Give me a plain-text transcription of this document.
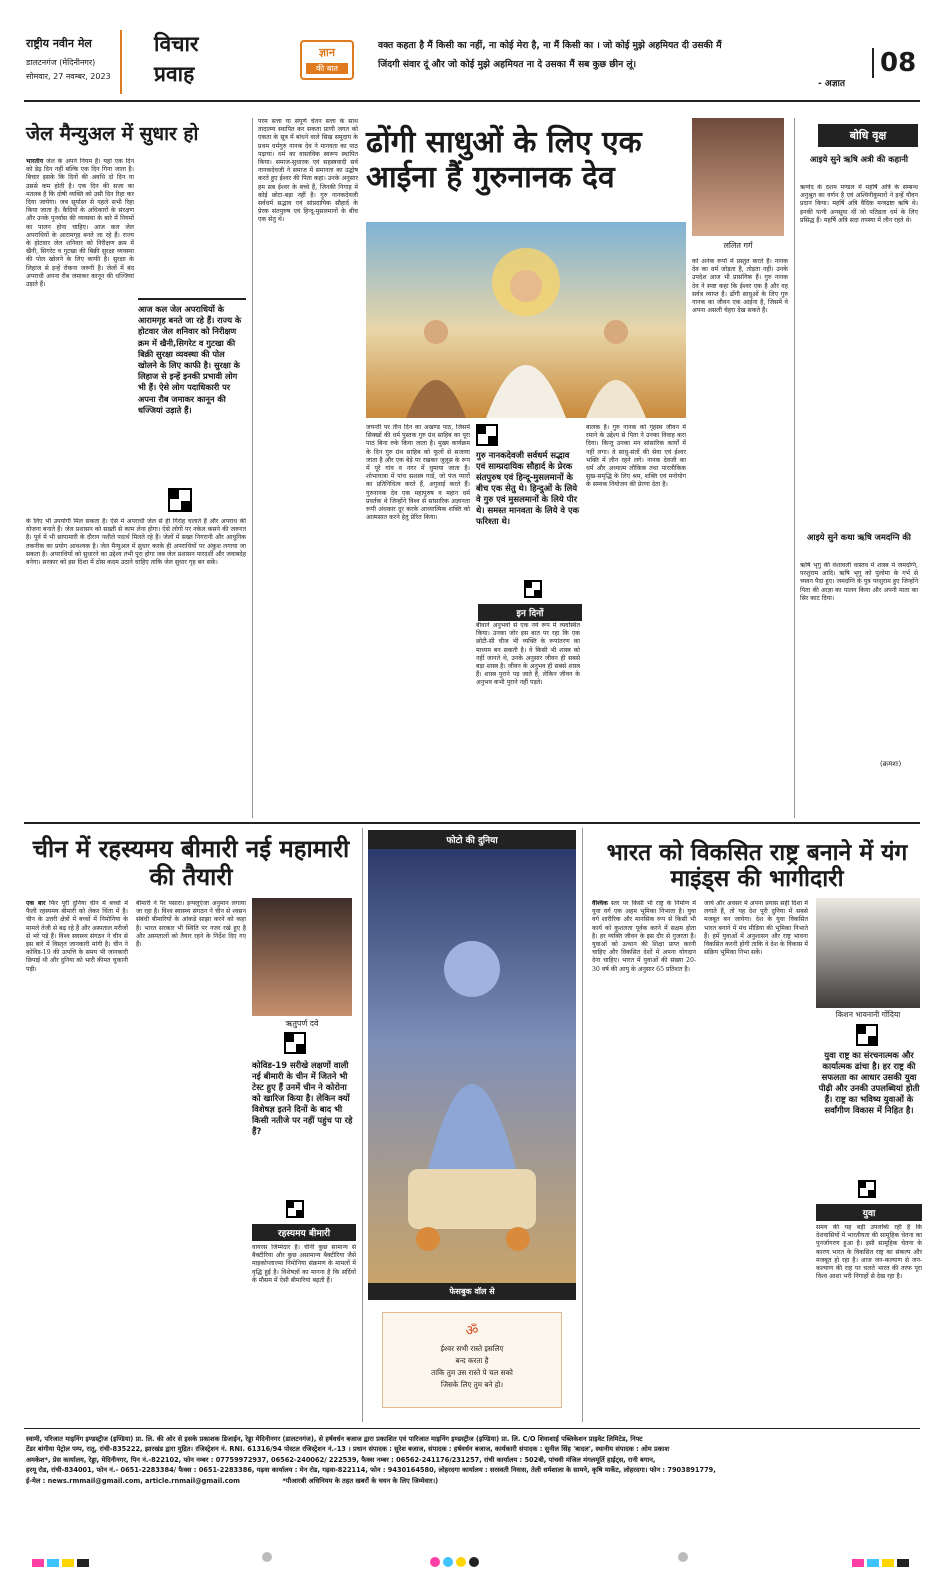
राष्ट्रीय नवीन मेल
डालटनगंज (मेदिनीनगर)
सोमवार, 27 नवम्बर, 2023
विचार
प्रवाह
ज्ञान
की बात
वक्त कहता है मैं किसी का नहीं, ना कोई मेरा है, ना मैं किसी का । जो कोई मुझे अहमियत दी उसकी मैं
जिंदगी संवार दूं और जो कोई मुझे अहमियत ना दे उसका मैं सब कुछ छीन लूं।
- अज्ञात
08
जेल मैन्युअल में सुधार हो
भारतीय जेल के अपने नियम हैं। यहां एक दिन को डेढ़ दिन नहीं बल्कि एक दिन गिना जाता है। बिचार इसके कि दिनों की अवधि दो दिन या उससे कम होती है। एक दिन की सजा का मतलब है कि दोषी व्यक्ति को उसी दिन रिहा कर दिया जायेगा। जब सूर्यास्त से पहले सभी रिहा किया जाता है। कैदियों के अधिकारों के संरक्षण और उनके पुनर्वास की व्यवस्था के बारे में नियमों का पालन होना चाहिए। आज कल जेल अपराधियों के आरामगृह बनते जा रहे हैं। राज्य के होटवार जेल शनिवार को निरीक्षण क्रम में खैनी, सिगरेट व गुटखा की बिक्री सुरक्षा व्यवस्था की पोल खोलने के लिए काफी है। सुरक्षा के लिहाज से इन्हें रोकना जरूरी है। जेलों में बंद अपराधी अपना रौब जमाकर कानून की धज्जियां उड़ाते हैं।
आज कल जेल अपराधियों के आरामगृह बनते जा रहे हैं। राज्य के होटवार जेल शनिवार को निरीक्षण क्रम में खैनी,सिगरेट व गुटखा की बिक्री सुरक्षा व्यवस्था की पोल खोलने के लिए काफी है। सुरक्षा के लिहाज से इन्हें इनकी प्रभावी लोग भी हैं। ऐसे लोग पदाधिकारी पर अपना रौब जमाकर कानून की धज्जियां उड़ाते हैं।
के लिए भी उपयोगी मिल सकता है। ऐसे में अपराधी जेल से ही गिरोह चलाते हैं और अपराध की योजना बनाते हैं। जेल प्रशासन को सख्ती से काम लेना होगा। ऐसे लोगों पर नकेल कसने की जरूरत है। पूर्व में भी छापामारी के दौरान नशीले पदार्थ मिलते रहे हैं। जेलों में सख्त निगरानी और आधुनिक तकनीक का प्रयोग आवश्यक है। जेल मैन्युअल में सुधार करके ही अपराधियों पर अंकुश लगाया जा सकता है। अपराधियों को सुधारने का उद्देश्य तभी पूरा होगा जब जेल प्रशासन पारदर्शी और जवाबदेह बनेगा। सरकार को इस दिशा में ठोस कदम उठाने चाहिए ताकि जेल सुधार गृह बन सकें।
परम सत्ता या संपूर्ण चेतन सत्ता के साथ तादात्म्य स्थापित कर सकता प्राणी जगत को एकता के सूत्र में बांधने वाले सिख समुदाय के प्रथम धर्मगुरु नानक देव ने मानवता का पाठ पढ़ाया। धर्म का वास्तविक स्वरूप स्थापित किया। समाज-सुधारक एवं सहस्त्रवादी सर्व नानकदेवजी ने समाज में समानता का उद्घोष करते हुए ईश्वर की पिता कहा। उनके अनुसार हम सब ईश्वर के बच्चे हैं, जिनकी निगाह में कोई छोटा-बड़ा नहीं है। गुरु नानकदेवजी सर्वधर्म सद्भाव एवं सांप्रदायिक सौहार्द के प्रेरक संतपुरुष एवं हिन्दू-मुसलमानों के बीच एक सेतु थे।
ढोंगी साधुओं के लिए एक आईना हैं गुरुनानक देव
ललित गर्ग
को अनेक रूपों में प्रस्तुत करते हैं। नानक देव का धर्म जोड़ता है, तोड़ता नहीं। उनके उपदेश आज भी प्रासंगिक हैं। गुरु नानक देव ने स्पष्ट कहा कि ईश्वर एक है और वह सर्वत्र व्याप्त है। ढोंगी साधुओं के लिए गुरु नानक का जीवन एक आईना है, जिसमें वे अपना असली चेहरा देख सकते हैं।
जयन्ती पर तीन दिन का अखण्ड पाठ, जिसमें सिक्खों की धर्म पुस्तक गुरु ग्रंथ साहिब का पूरा पाठ बिना रुके किया जाता है। मुख्य कार्यक्रम के दिन गुरु ग्रंथ साहिब को फूलों से सजाया जाता है और एक बेड़े पर रखकर जुलूस के रूप में पूरे गांव व नगर में घुमाया जाता है। शोभायात्रा में पांच सशस्त्र गार्ड, जो पंज प्यारों का प्रतिनिधित्व करते हैं, अगुवाई करते हैं। गुरुनानक देव एक महापुरुष व महान धर्म प्रवर्तक थे जिन्होंने विश्व से सांसारिक अज्ञानता रूपी अंधकार दूर करके आध्यात्मिक शक्ति को आत्मसात करने हेतु प्रेरित किया।
गुरु नानकदेवजी सर्वधर्म सद्भाव एवं साम्प्रदायिक सौहार्द के प्रेरक संतपुरुष एवं हिन्दू-मुसलमानों के बीच एक सेतु थे। हिन्दुओं के लिये वे गुरु एवं मुसलमानों के लिये पीर थे। समस्त मानवता के लिये वे एक फरिश्ता थे।
इन दिनों
बीवाने अनुभवों से एक नये रूप में व्यवस्थित किया। उनका जोर इस बात पर रहा कि एक छोटी-सी चीज भी व्यक्ति के रूपांतरण का माध्यम बन सकती है। वे किसी भी शास्त्र को नहीं जानते थे, उनके अनुसार जीवन ही सबसे बड़ा शास्त्र है। जीवन के अनुभव ही सबसे शास्त्र हैं। शास्त्र पुराने पड़ जाते हैं, लेकिन जीवन के अनुभव कभी पुराने नहीं पड़ते।
बालक है। गुरु नानक को गृहस्थ जीवन में रमाने के उद्देश्य से पिता ने उनका विवाह करा दिया। किन्तु उनका मन सांसारिक कार्यों में नहीं लगा। वे साधु-संतों की सेवा एवं ईश्वर भक्ति में लीन रहने लगे। नानक देवजी का धर्म और अध्यात्म लौकिक तथा पारलौकिक सुख-समृद्धि के लिए श्रम, शक्ति एवं मनोयोग के सम्यक नियोजन की प्रेरणा देता है।
बोधि वृक्ष
आइये सुने ऋषि अत्री की कहानी
ऋग्वेद के दशम मण्डल में महर्षि अत्रि के सम्बन्ध अनुश्रुत का वर्णन है एवं अश्विनीकुमारों ने इन्हें यौवन प्रदान किया। महर्षि अत्रि वैदिक मन्त्रद्रष्टा ऋषि थे। इनकी पत्नी अनसूया थीं जो पतिव्रता धर्म के लिए प्रसिद्ध हैं। महर्षि अत्रि सदा तपस्या में लीन रहते थे।
आइये सुने कथा ऋषि जमदग्नि की
ऋषि भृगु की वंशावली वास्तव में शास्त्र में जमदग्नि, परशुराम आदि। ऋषि भृगु को पुलोमा के गर्भ से च्यवन पैदा हुए। जमदग्नि के पुत्र परशुराम हुए जिन्होंने पिता की आज्ञा का पालन किया और अपनी माता का सिर काट दिया।
(क्रमशः)
चीन में रहस्यमय बीमारी नई महामारी की तैयारी
एक बार फिर पूरी दुनिया चीन में बच्चों में फैली रहस्यमय बीमारी को लेकर चिंता में है। चीन के उत्तरी क्षेत्रों में बच्चों में निमोनिया के मामले तेजी से बढ़ रहे हैं और अस्पताल मरीजों से भरे पड़े हैं। विश्व स्वास्थ्य संगठन ने चीन से इस बारे में विस्तृत जानकारी मांगी है। चीन ने कोविड-19 की उत्पत्ति के समय भी जानकारी छिपाई थी और दुनिया को भारी कीमत चुकानी पड़ी।
बीमारी ने पैर पसारा। इन्फ्लूएंजा अनुमान लगाया जा रहा है। विश्व स्वास्थ्य संगठन ने चीन से श्वसन संबंधी बीमारियों के आंकड़े साझा करने को कहा है। भारत सरकार भी स्थिति पर नजर रखे हुए है और अस्पतालों को तैयार रहने के निर्देश दिए गए हैं।
ऋतुपर्ण दवे
कोविड-19 सरीखे लक्षणों वाली नई बीमारी के चीन में जितने भी टेस्ट हुए हैं उनमें चीन ने कोरोना को खारिज किया है। लेकिन क्यों विशेषज्ञ इतने दिनों के बाद भी किसी नतीजे पर नहीं पहुंच पा रहे हैं?
रहस्यमय बीमारी
वायरस जिम्मेदार है। चीनी कुछ सामान्य से बैक्टीरिया और कुछ असामान्य बैक्टीरिया जैसे माइकोप्लाज्मा निमोनिया संक्रमण के मामलों में वृद्धि हुई है। विशेषज्ञों का मानना है कि सर्दियों के मौसम में ऐसी बीमारियां बढ़ती हैं।
फोटो की दुनिया
फेसबुक वॉल से
ॐ
ईश्वर सभी रास्ते इसलिए
बन्द करता है
ताकि तुम उस रास्ते पे चल सको
जिसके लिए तुम बने हो।
भारत को विकसित राष्ट्र बनाने में यंग माइंड्स की भागीदारी
वैश्विक स्तर पर किसी भी राष्ट्र के निर्माण में युवा वर्ग एक अहम भूमिका निभाता है। युवा वर्ग शारीरिक और मानसिक रूप से किसी भी कार्य को कुशलता पूर्वक करने में सक्षम होता है। हर व्यक्ति जीवन के इस दौर से गुजरता है। युवाओं को उत्थान की शिक्षा प्राप्त करनी चाहिए और विकसित देशों में अपना योगदान देना चाहिए। भारत में युवाओं की संख्या 20-30 वर्ष की आयु के अनुसार 65 प्रतिशत है।
जाये और अवसर में अपना प्रयास सही दिशा में लगाते हैं, तो यह देश पूरी दुनिया में सबसे मजबूत बन जायेगा। देश के युवा विकसित भारत बनाने में मंच मीडिया की भूमिका निभाते हैं। हमें युवाओं में अनुशासन और राष्ट्र भावना विकसित करनी होगी ताकि वे देश के विकास में सक्रिय भूमिका निभा सकें।
किशन भावनानी गोंदिया
युवा राष्ट्र का संरचनात्मक और कार्यात्मक ढांचा है। हर राष्ट्र की सफलता का आधार उसकी युवा पीढ़ी और उनकी उपलब्धियां होती हैं। राष्ट्र का भविष्य युवाओं के सर्वांगीण विकास में निहित है।
युवा
समय की यह बड़ी उपलब्धि रही है कि देशवासियों में भारतीयता की सामूहिक चेतना का पुनर्जागरण हुआ है। इसी सामूहिक चेतना के कारण भारत के विकसित राष्ट्र का संकल्प और मजबूत हो रहा है। आज जन-कल्याण से जन-कल्याण की राह पर चलते भारत की तरफ पूरा विश्व आशा भरी निगाहों से देख रहा है।
स्वामी, परिजात माइनिंग इण्डस्ट्रीज (इण्डिया) प्रा. लि. की ओर से इसके प्रकाशक डिजाईन, रेड्डा मेदिनीनगर (डालटनगंज), से हर्षवर्धन बजाज द्वारा प्रकाशित एवं पारिजात माइनिंग इण्डस्ट्रीज (इण्डिया) प्रा. लि. C/O शिवाशाई पब्लिकेशन प्राइवेट लिमिटेड, निफ्ट
टेंडर बांगीया पेट्रोल पम्प, रातू, रांची-835222, झारखंड द्वारा मुद्रित। रजिस्ट्रेशन नं. RNI. 61316/94 पोस्टल रजिस्ट्रेशन नं.-13 । प्रधान संपादक : सुरेश बजाज, संपादक : हर्षवर्धन बजाज, कार्यकारी संपादक : सुनील सिंह 'बादल', स्थानीय संपादक : ओम प्रकाश
अमकेश*, प्रेस कार्यालय, रेड्डा, मेदिनीनगर, पिन नं.-822102, फोन नम्बर : 07759972937, 06562-240062/ 222539, फैक्स नम्बर : 06562-241176/231257, रांची कार्यालय : 502बी, पांचवी मंजिल मंगलमूर्ति हाईट्स, रानी बगान,
हरमू रोड, रांची-834001, फोन नं.- 0651-2283384/ फैक्स : 0651-2283386, गढ़वा कार्यालय : मेन रोड, गढ़वा-822114, फोन : 9430164580, लोहरदगा कार्यालय : सरस्वती निवास, तेली धर्मशाला के सामने, कृषि मार्केट, लोहरदगा। फोन : 7903891779,
ई-मेल : news.rmmail@gmail.com, article.rnmail@gmail.com	*पीआरबी अधिनियम के तहत खबरों के चयन के लिए जिम्मेवार।)
